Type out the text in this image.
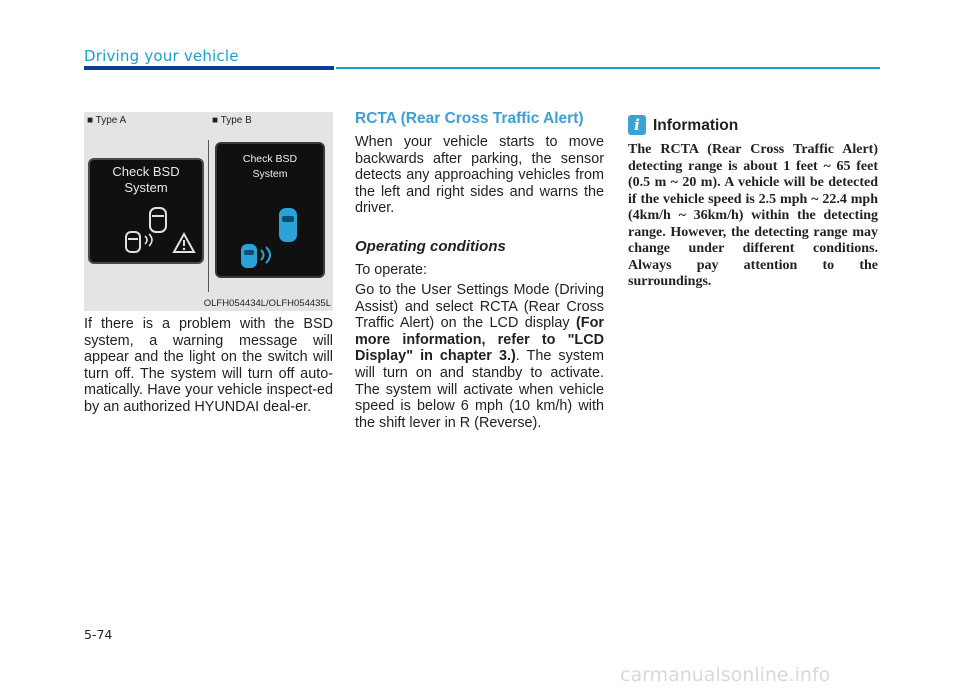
Driving your vehicle
■ Type A	■ Type B
Check BSD
System
Check BSD
System
OLFH054434L/OLFH054435L
If there is a problem with the BSD system, a warning message will appear and the light on the switch will turn off. The system will turn off auto-matically. Have your vehicle inspect-ed by an authorized HYUNDAI deal-er.
RCTA (Rear Cross Traffic Alert)
When your vehicle starts to move backwards after parking, the sensor detects any approaching vehicles from the left and right sides and warns the driver.
Operating conditions
To operate:
Go to the User Settings Mode (Driving Assist) and select RCTA (Rear Cross Traffic Alert) on the LCD display (For more information, refer to "LCD Display" in chapter 3.). The system will turn on and standby to activate. The system will activate when vehicle speed is below 6 mph (10 km/h) with the shift lever in R (Reverse).
i Information
The RCTA (Rear Cross Traffic Alert) detecting range is about 1 feet ~ 65 feet (0.5 m ~ 20 m). A vehicle will be detected if the vehicle speed is 2.5 mph ~ 22.4 mph (4km/h ~ 36km/h) within the detecting range. However, the detecting range may change under different conditions. Always pay attention to the surroundings.
5-74
carmanualsonline.info
